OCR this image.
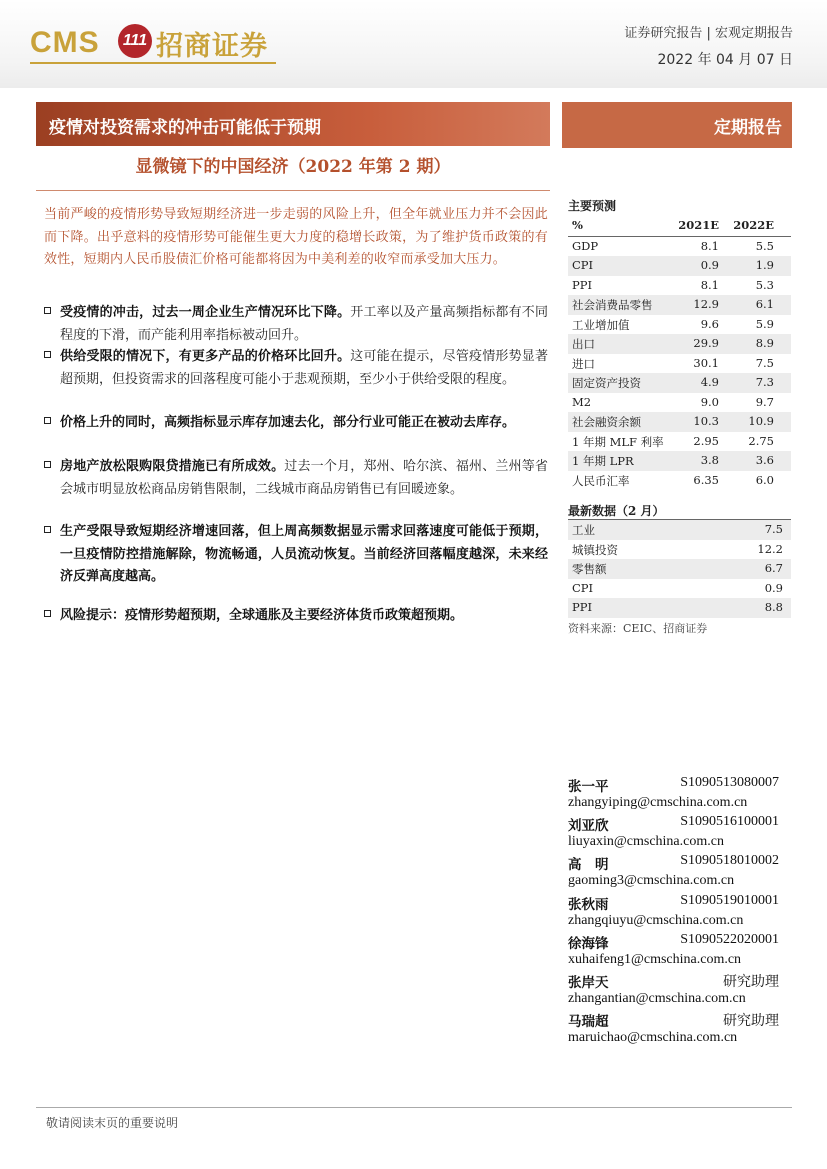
CMS	111 招商证券	证券研究报告 | 宏观定期报告
2022 年 04 月 07 日
疫情对投资需求的冲击可能低于预期	定期报告
显微镜下的中国经济（2022 年第 2 期）
当前严峻的疫情形势导致短期经济进一步走弱的风险上升，但全年就业压力并不会因此而下降。出乎意料的疫情形势可能催生更大力度的稳增长政策，为了维护货币政策的有效性，短期内人民币股债汇价格可能都将因为中美利差的收窄而承受加大压力。
受疫情的冲击，过去一周企业生产情况环比下降。开工率以及产量高频指标都有不同程度的下滑，而产能利用率指标被动回升。
供给受限的情况下，有更多产品的价格环比回升。这可能在提示，尽管疫情形势显著超预期，但投资需求的回落程度可能小于悲观预期，至少小于供给受限的程度。
价格上升的同时，高频指标显示库存加速去化，部分行业可能正在被动去库存。
房地产放松限购限贷措施已有所成效。过去一个月，郑州、哈尔滨、福州、兰州等省会城市明显放松商品房销售限制，二线城市商品房销售已有回暖迹象。
生产受限导致短期经济增速回落，但上周高频数据显示需求回落速度可能低于预期，一旦疫情防控措施解除，物流畅通，人员流动恢复。当前经济回落幅度越深，未来经济反弹高度越高。
风险提示：疫情形势超预期，全球通胀及主要经济体货币政策超预期。
主要预测
%	2021E 2022E
GDP	8.1	5.5
CPI	0.9	1.9
PPI	8.1	5.3
社会消费品零售	12.9	6.1
工业增加值	9.6	5.9
出口	29.9	8.9
进口	30.1	7.5
固定资产投资	4.9	7.3
M2	9.0	9.7
社会融资余额	10.3	10.9
1 年期 MLF 利率	2.95	2.75
1 年期 LPR	3.8	3.6
人民币汇率	6.35	6.0
最新数据（2 月）
工业	7.5
城镇投资	12.2
零售额	6.7
CPI	0.9
PPI	8.8
资料来源：CEIC、招商证券
张一平	S1090513080007
zhangyiping@cmschina.com.cn
刘亚欣	S1090516100001
liuyaxin@cmschina.com.cn
高　明	S1090518010002
gaoming3@cmschina.com.cn
张秋雨	S1090519010001
zhangqiuyu@cmschina.com.cn
徐海锋	S1090522020001
xuhaifeng1@cmschina.com.cn
张岸天	研究助理
zhangantian@cmschina.com.cn
马瑞超	研究助理
maruichao@cmschina.com.cn
敬请阅读末页的重要说明
